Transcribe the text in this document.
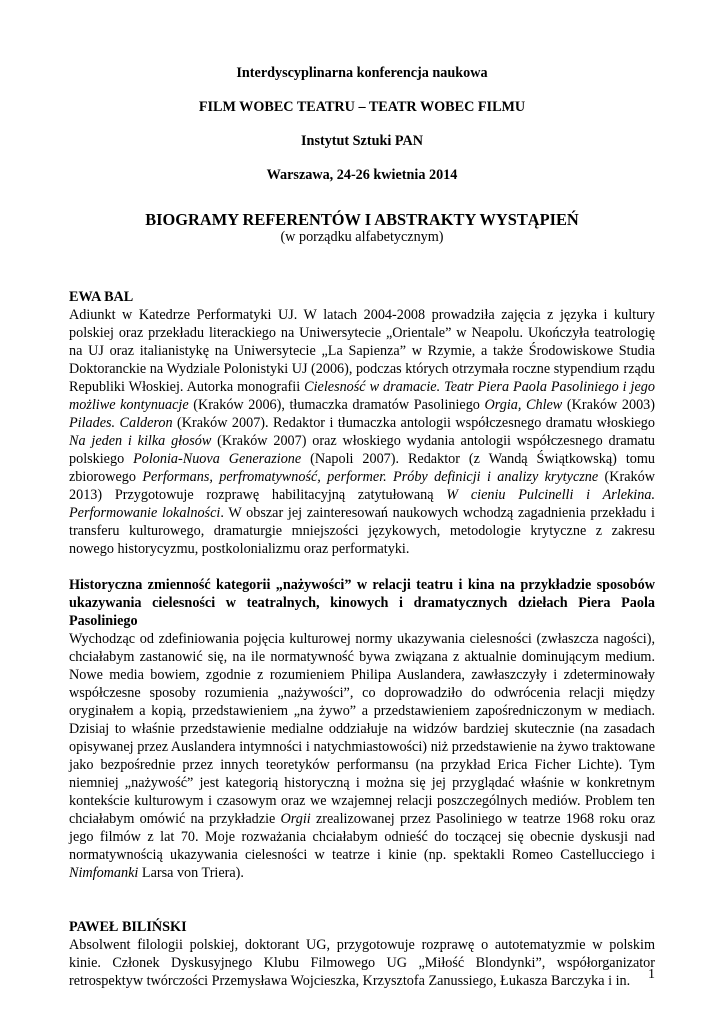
Interdyscyplinarna konferencja naukowa

FILM WOBEC TEATRU – TEATR WOBEC FILMU

Instytut Sztuki PAN

Warszawa, 24-26 kwietnia 2014

BIOGRAMY REFERENTÓW I ABSTRAKTY WYSTĄPIEŃ

(w porządku alfabetycznym)

EWA BAL

Adiunkt w Katedrze Performatyki UJ. W latach 2004-2008 prowadziła zajęcia z języka i kultury polskiej oraz przekładu literackiego na Uniwersytecie „Orientale” w Neapolu. Ukończyła teatrologię na UJ oraz italianistykę na Uniwersytecie „La Sapienza” w Rzymie, a także Środowiskowe Studia Doktoranckie na Wydziale Polonistyki UJ (2006), podczas których otrzymała roczne stypendium rządu Republiki Włoskiej. Autorka monografii Cielesność w dramacie. Teatr Piera Paola Pasoliniego i jego możliwe kontynuacje (Kraków 2006), tłumaczka dramatów Pasoliniego Orgia, Chlew (Kraków 2003) Pilades. Calderon (Kraków 2007). Redaktor i tłumaczka antologii współczesnego dramatu włoskiego Na jeden i kilka głosów (Kraków 2007) oraz włoskiego wydania antologii współczesnego dramatu polskiego Polonia-Nuova Generazione (Napoli 2007). Redaktor (z Wandą Świątkowską) tomu zbiorowego Performans, perfromatywność, performer. Próby definicji i analizy krytyczne (Kraków 2013) Przygotowuje rozprawę habilitacyjną zatytułowaną W cieniu Pulcinelli i Arlekina. Performowanie lokalności. W obszar jej zainteresowań naukowych wchodzą zagadnienia przekładu i transferu kulturowego, dramaturgie mniejszości językowych, metodologie krytyczne z zakresu nowego historycyzmu, postkolonializmu oraz performatyki.

Historyczna zmienność kategorii „nażywości” w relacji teatru i kina na przykładzie sposobów ukazywania cielesności w teatralnych, kinowych i dramatycznych dziełach Piera Paola Pasoliniego

Wychodząc od zdefiniowania pojęcia kulturowej normy ukazywania cielesności (zwłaszcza nagości), chciałabym zastanowić się, na ile normatywność bywa związana z aktualnie dominującym medium. Nowe media bowiem, zgodnie z rozumieniem Philipa Auslandera, zawłaszczyły i zdeterminowały współczesne sposoby rozumienia „nażywości”, co doprowadziło do odwrócenia relacji między oryginałem a kopią, przedstawieniem „na żywo” a przedstawieniem zapośredniczonym w mediach. Dzisiaj to właśnie przedstawienie medialne oddziałuje na widzów bardziej skutecznie (na zasadach opisywanej przez Auslandera intymności i natychmiastowości) niż przedstawienie na żywo traktowane jako bezpośrednie przez innych teoretyków performansu (na przykład Erica Ficher Lichte). Tym niemniej „nażywość” jest kategorią historyczną i można się jej przyglądać właśnie w konkretnym kontekście kulturowym i czasowym oraz we wzajemnej relacji poszczególnych mediów. Problem ten chciałabym omówić na przykładzie Orgii zrealizowanej przez Pasoliniego w teatrze 1968 roku oraz jego filmów z lat 70. Moje rozważania chciałabym odnieść do toczącej się obecnie dyskusji nad normatywnością ukazywania cielesności w teatrze i kinie (np. spektakli Romeo Castellucciego i Nimfomanki Larsa von Triera).

PAWEŁ BILIŃSKI

Absolwent filologii polskiej, doktorant UG, przygotowuje rozprawę o autotematyzmie w polskim kinie. Członek Dyskusyjnego Klubu Filmowego UG „Miłość Blondynki”, współorganizator retrospektyw twórczości Przemysława Wojcieszka, Krzysztofa Zanussiego, Łukasza Barczyka i in.	1
